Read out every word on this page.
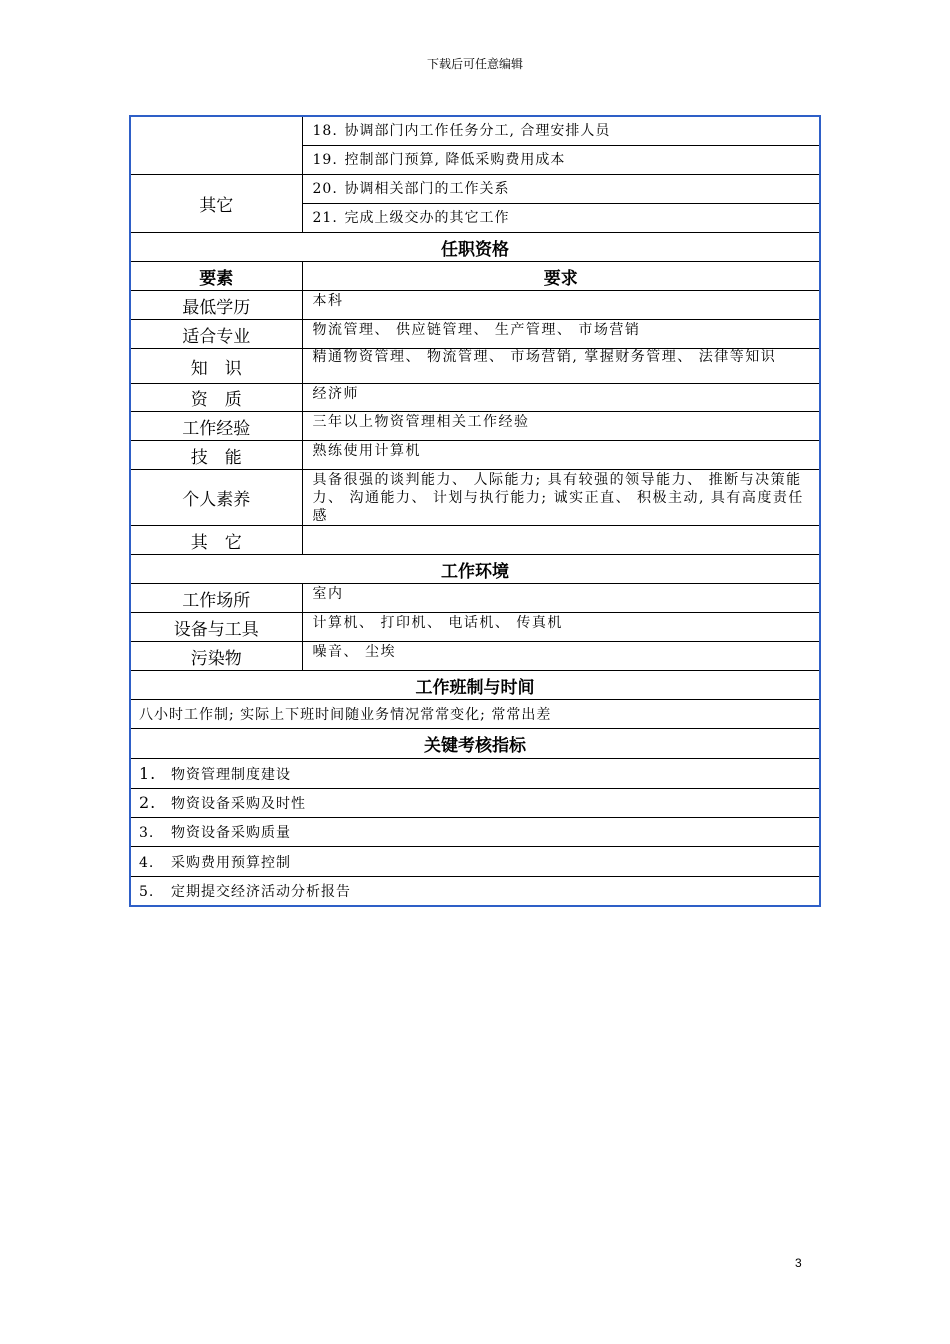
下载后可任意编辑

	18. 协调部门内工作任务分工, 合理安排人员
19. 控制部门预算, 降低采购费用成本

其它	20. 协调相关部门的工作关系
21. 完成上级交办的其它工作

任职资格	
要素	要求
最低学历	本科
适合专业	物流管理、 供应链管理、 生产管理、 市场营销
知　识	精通物资管理、 物流管理、 市场营销, 掌握财务管理、 法律等知识
资　质	经济师
工作经验	三年以上物资管理相关工作经验
技　能	熟练使用计算机
个人素养	具备很强的谈判能力、 人际能力; 具有较强的领导能力、 推断与决策能力、 沟通能力、 计划与执行能力; 诚实正直、 积极主动, 具有高度责任感
其　它	
工作环境	
工作场所	室内
设备与工具	计算机、 打印机、 电话机、 传真机
污染物	噪音、 尘埃
工作班制与时间	
八小时工作制; 实际上下班时间随业务情况常常变化; 常常出差	
关键考核指标	
1. 物资管理制度建设	
2. 物资设备采购及时性	
3. 物资设备采购质量	
4. 采购费用预算控制	
5. 定期提交经济活动分析报告	
3
